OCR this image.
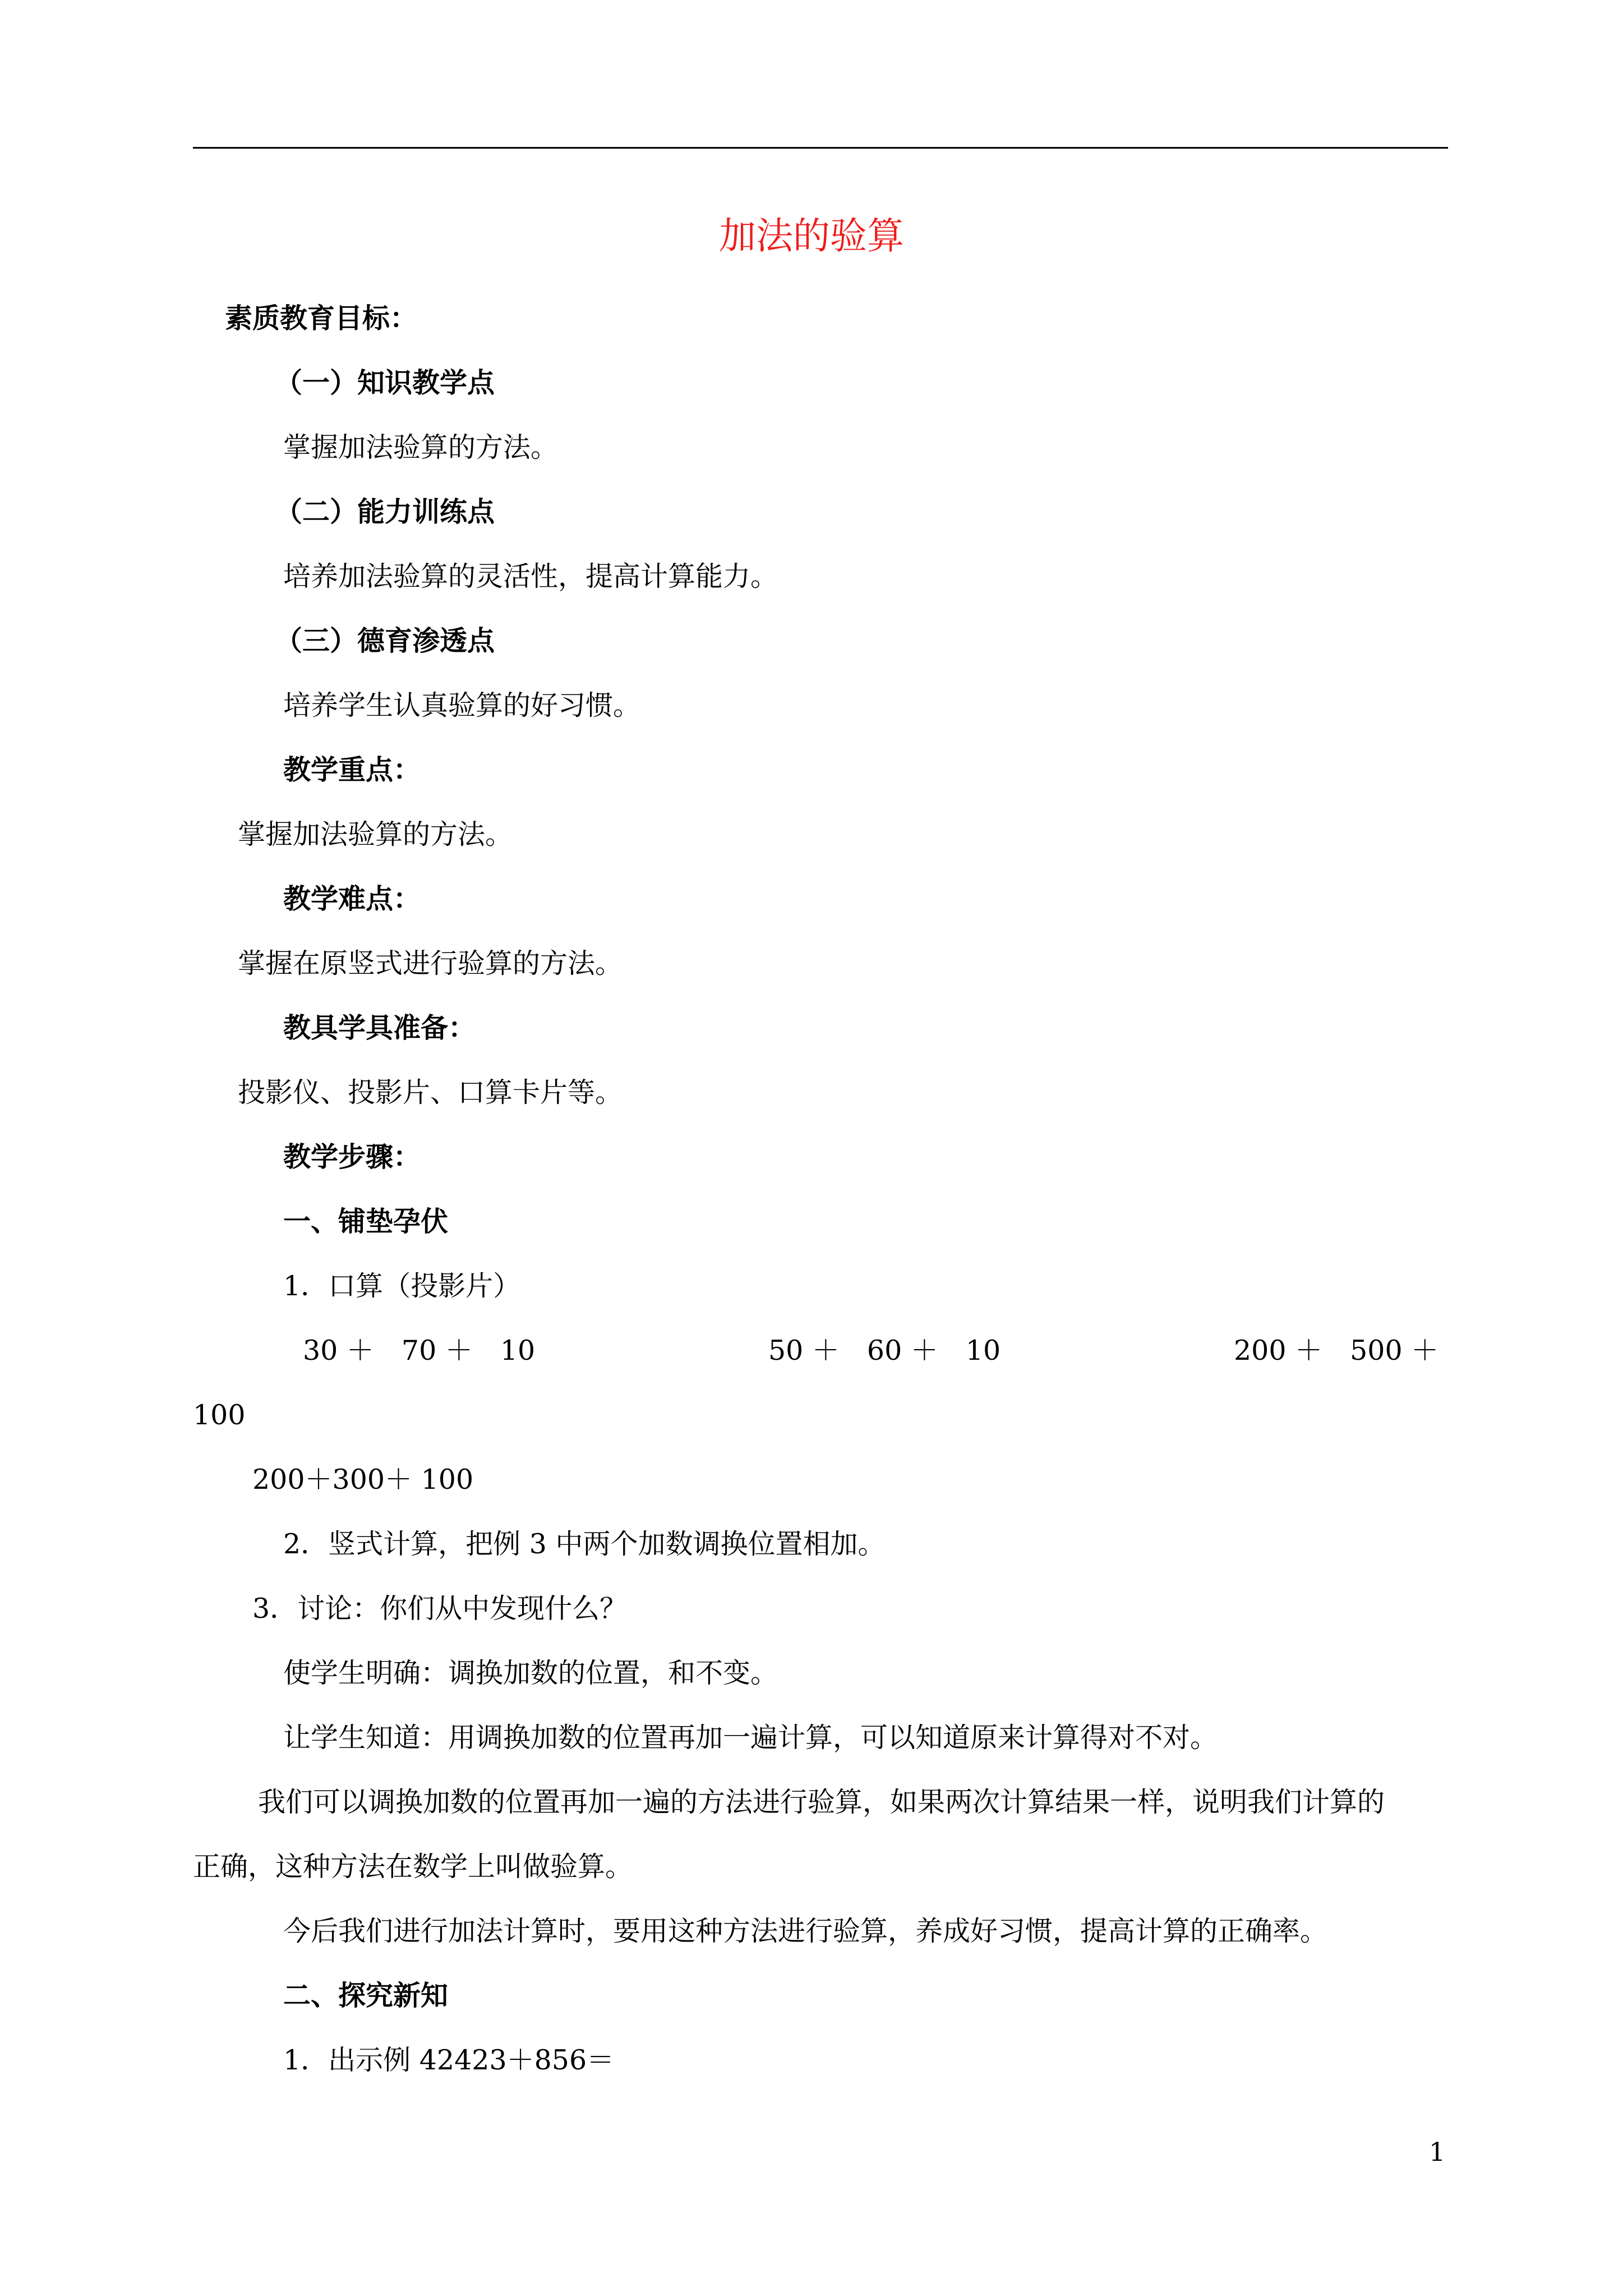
加法的验算
素质教育目标：
（一）知识教学点
掌握加法验算的方法。
（二）能力训练点
培养加法验算的灵活性，提高计算能力。
（三）德育渗透点
培养学生认真验算的好习惯。
教学重点：
掌握加法验算的方法。
教学难点：
掌握在原竖式进行验算的方法。
教具学具准备：
投影仪、投影片、口算卡片等。
教学步骤：
一、铺垫孕伏
1．口算（投影片）
30 ＋　70 ＋　10	50 ＋　60 ＋　10	200 ＋　500 ＋
100
200＋300＋ 100
2．竖式计算，把例 3 中两个加数调换位置相加。
3．讨论：你们从中发现什么？
使学生明确：调换加数的位置，和不变。
让学生知道：用调换加数的位置再加一遍计算，可以知道原来计算得对不对。
我们可以调换加数的位置再加一遍的方法进行验算，如果两次计算结果一样，说明我们计算的
正确，这种方法在数学上叫做验算。
今后我们进行加法计算时，要用这种方法进行验算，养成好习惯，提高计算的正确率。
二、探究新知
1．出示例 42423＋856＝
1
